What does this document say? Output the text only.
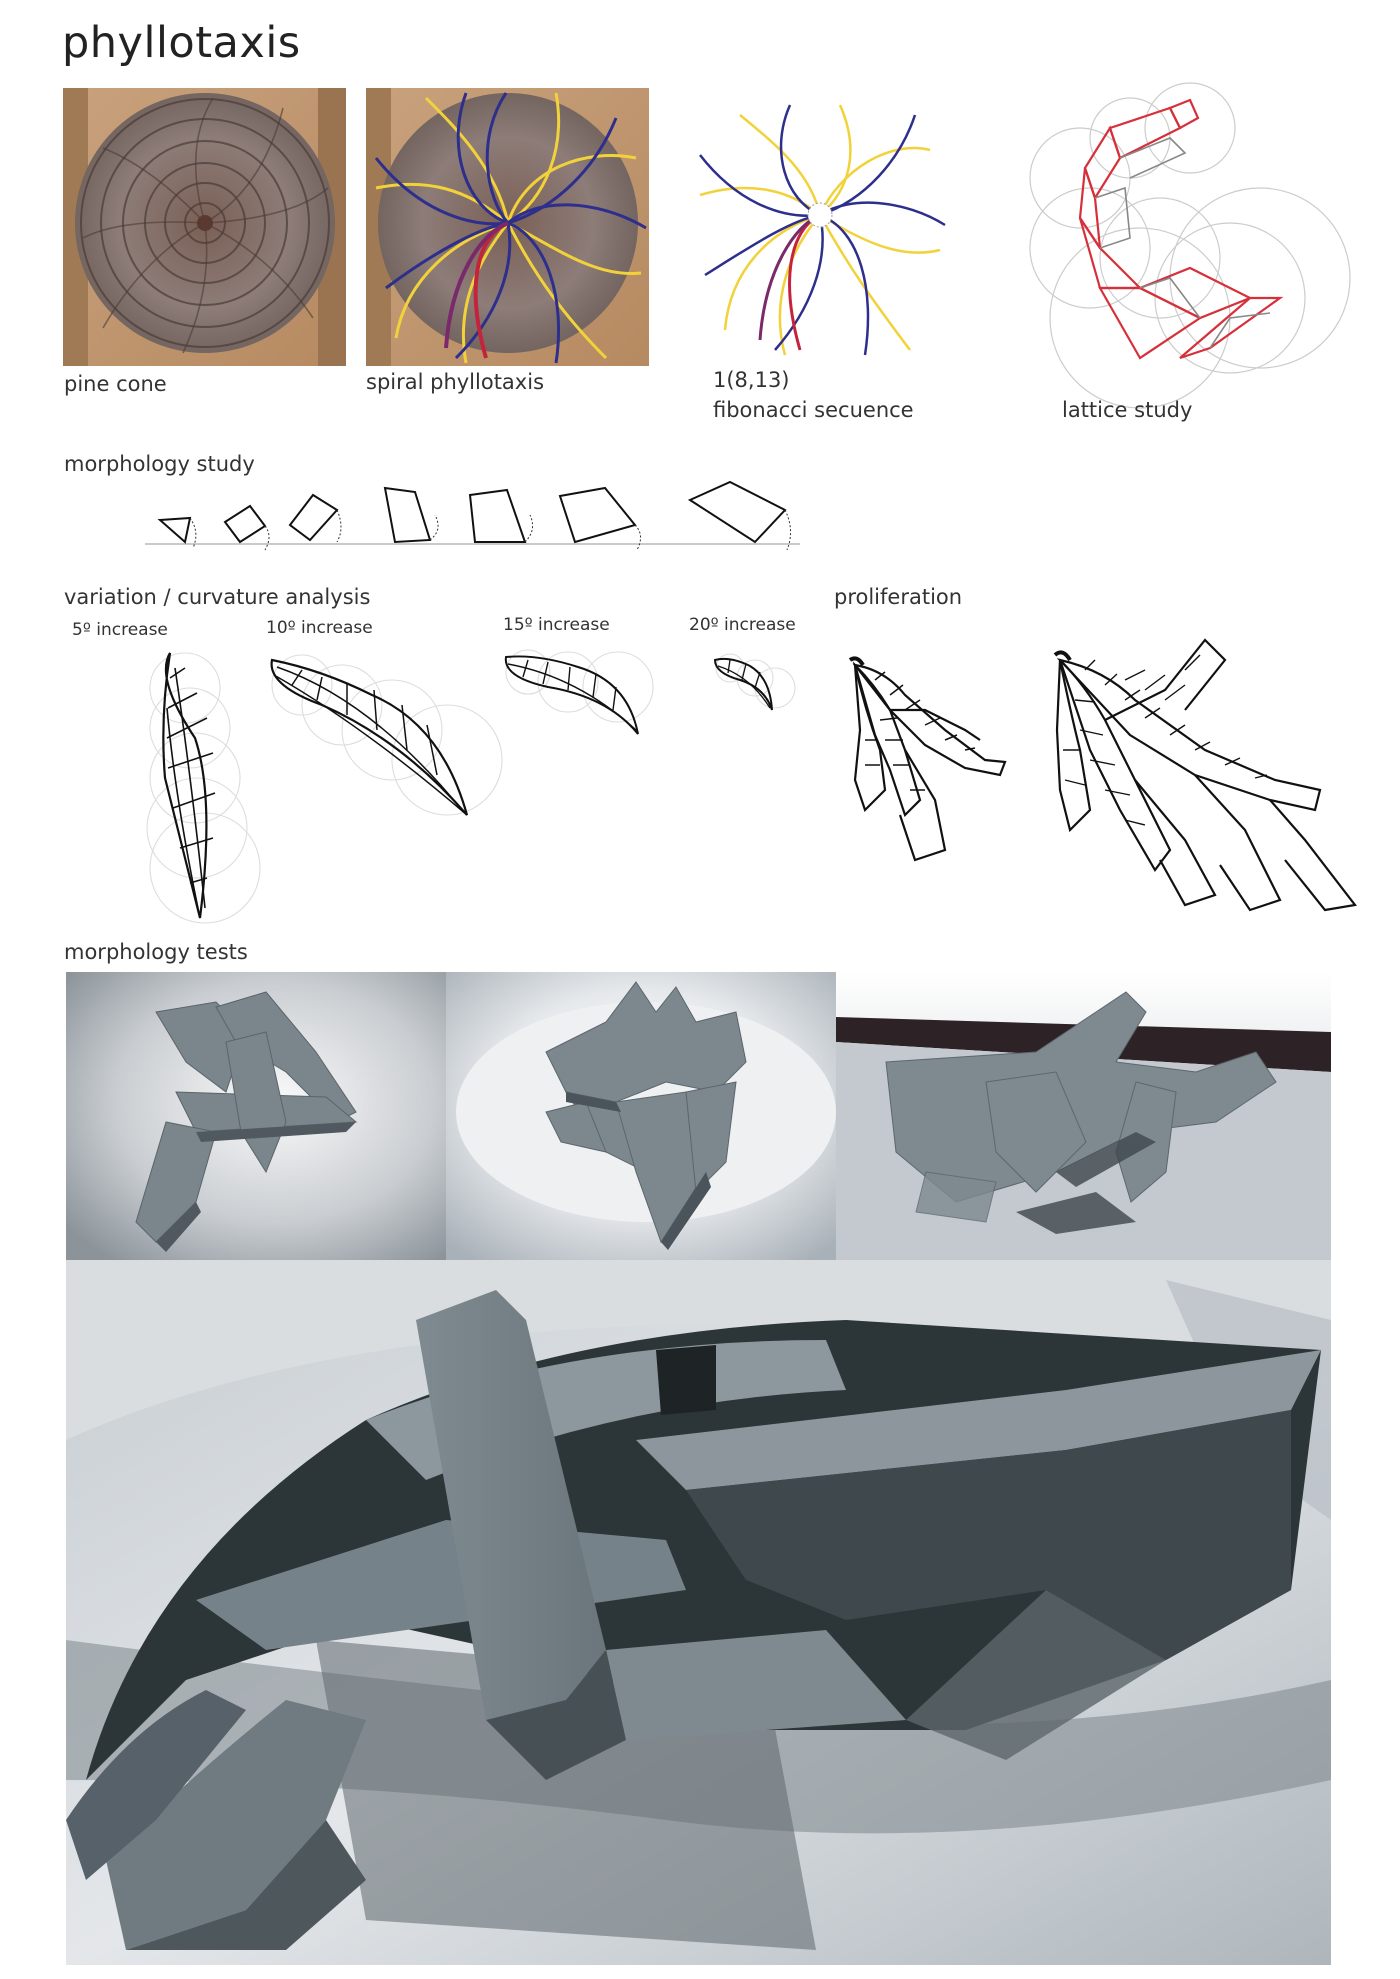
phyllotaxis
pine cone	spiral phyllotaxis	1(8,13)
fibonacci secuence	lattice study
morphology study
variation / curvature analysis
5º increase	10º increase	15º increase	20º increase
proliferation
morphology tests
